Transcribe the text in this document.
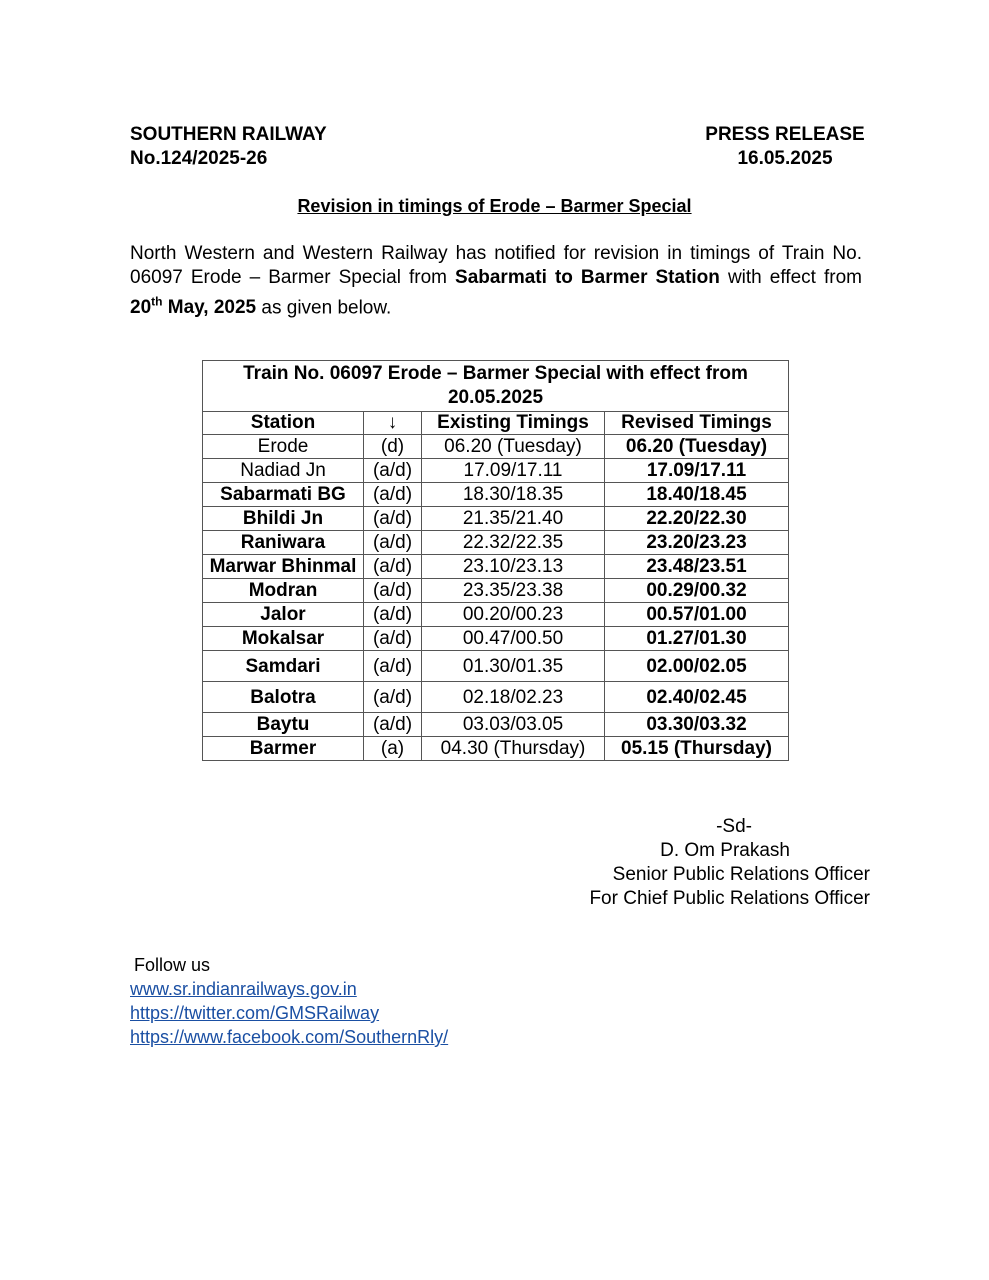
SOUTHERN RAILWAY
No.124/2025-26
PRESS RELEASE
16.05.2025
Revision in timings of Erode – Barmer Special
North Western and Western Railway has notified for revision in timings of Train No. 06097 Erode – Barmer Special from Sabarmati to Barmer Station with effect from 20th May, 2025 as given below.
Train No. 06097 Erode – Barmer Special with effect from 20.05.2025			
Station	↓	Existing Timings	Revised Timings
Erode	(d)	06.20 (Tuesday)	06.20 (Tuesday)
Nadiad Jn	(a/d)	17.09/17.11	17.09/17.11
Sabarmati BG	(a/d)	18.30/18.35	18.40/18.45
Bhildi Jn	(a/d)	21.35/21.40	22.20/22.30
Raniwara	(a/d)	22.32/22.35	23.20/23.23
Marwar Bhinmal	(a/d)	23.10/23.13	23.48/23.51
Modran	(a/d)	23.35/23.38	00.29/00.32
Jalor	(a/d)	00.20/00.23	00.57/01.00
Mokalsar	(a/d)	00.47/00.50	01.27/01.30
Samdari	(a/d)	01.30/01.35	02.00/02.05
Balotra	(a/d)	02.18/02.23	02.40/02.45
Baytu	(a/d)	03.03/03.05	03.30/03.32
Barmer	(a)	04.30 (Thursday)	05.15 (Thursday)
-Sd-
D. Om Prakash
Senior Public Relations Officer
For Chief Public Relations Officer
Follow us
www.sr.indianrailways.gov.in
https://twitter.com/GMSRailway
https://www.facebook.com/SouthernRly/
